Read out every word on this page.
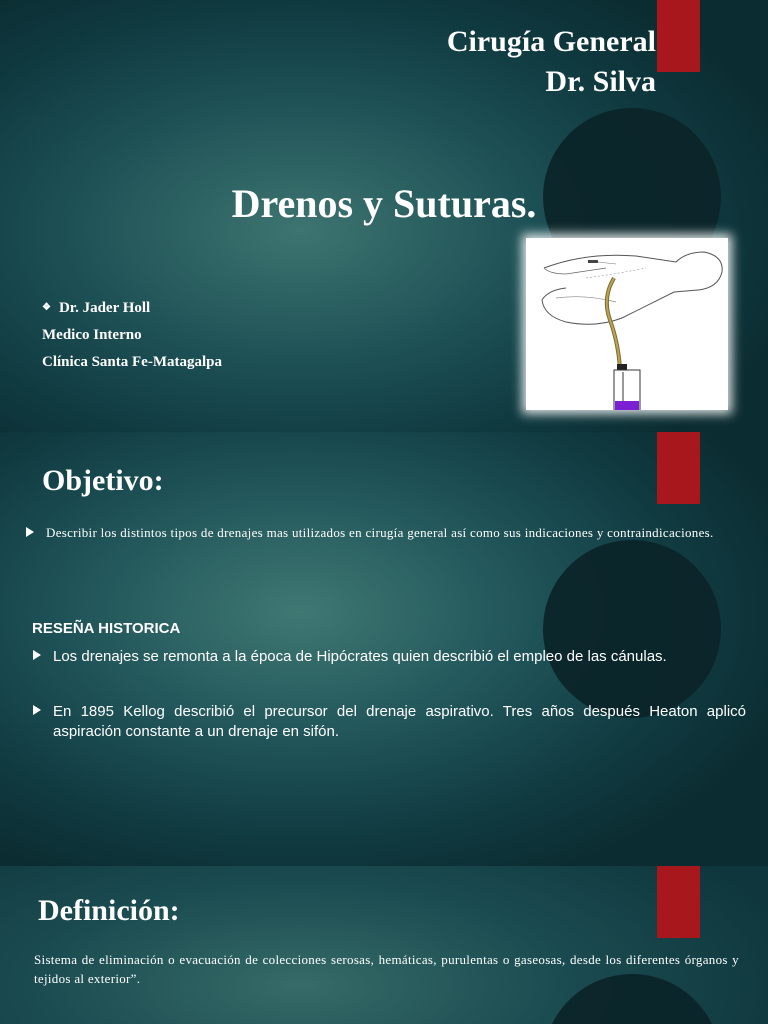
Cirugía General
Dr. Silva
Drenos y Suturas.
❖ Dr. Jader Holl
Medico Interno
Clínica Santa Fe-Matagalpa
Objetivo:
Describir los distintos tipos de drenajes mas utilizados en cirugía general así como sus indicaciones y contraindicaciones.
RESEÑA HISTORICA
Los drenajes se remonta a la época de Hipócrates quien describió el empleo de las cánulas.
En 1895 Kellog describió el precursor del drenaje aspirativo. Tres años después Heaton aplicó aspiración constante a un drenaje en sifón.
Definición:
Sistema de eliminación o evacuación de colecciones serosas, hemáticas, purulentas o gaseosas, desde los diferentes órganos y tejidos al exterior”.
